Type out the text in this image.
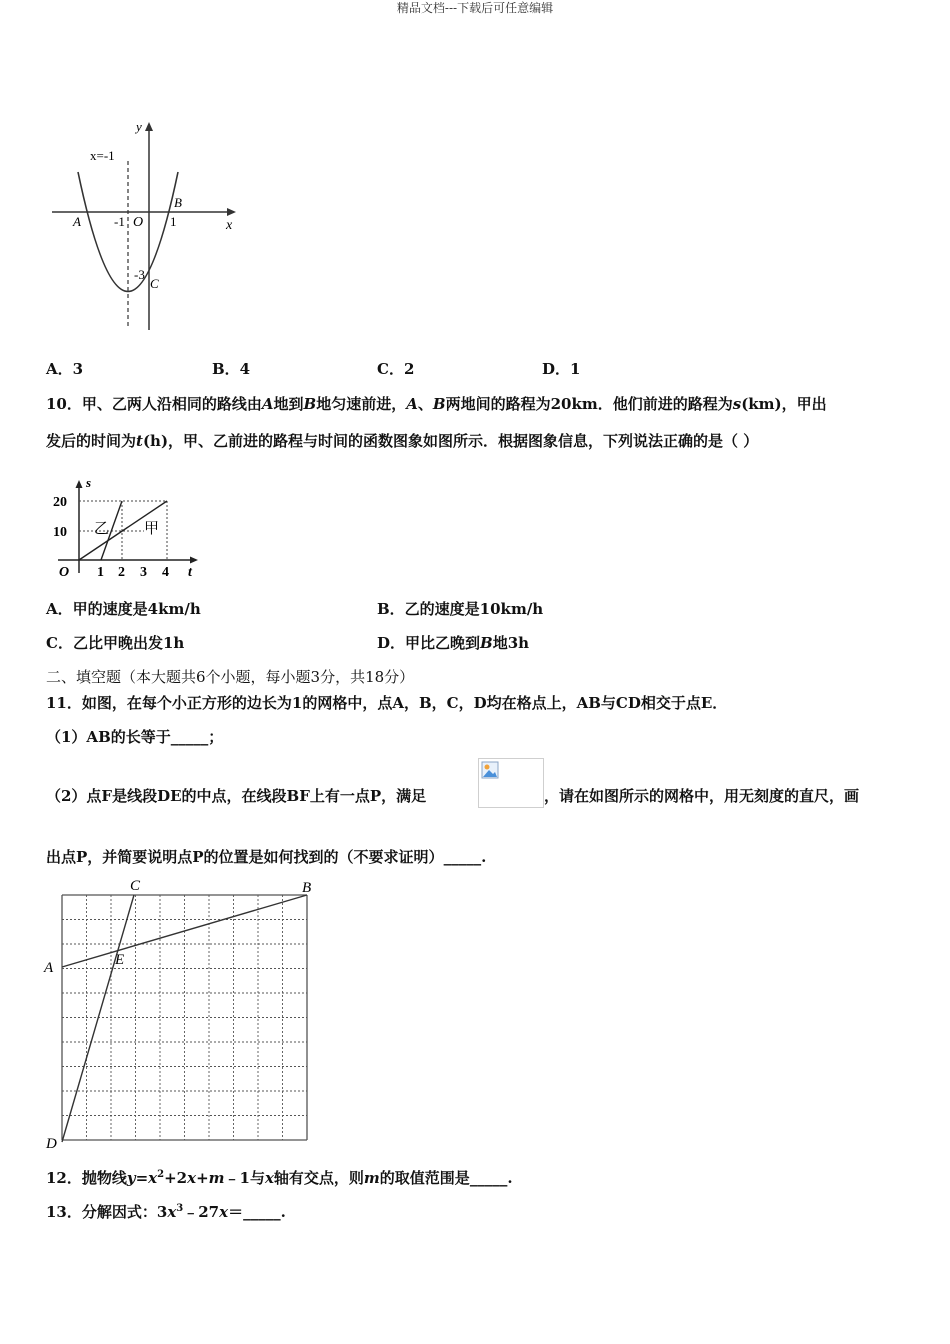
精品文档---下载后可任意编辑
y
x
x=-1
A	-1 O 1
B
-3
C
A．3	B．4	C．2	D．1
10．甲、乙两人沿相同的路线由A地到B地匀速前进，A、B两地间的路程为20km．他们前进的路程为s(km)，甲出
发后的时间为t(h)，甲、乙前进的路程与时间的函数图象如图所示．根据图象信息，下列说法正确的是（ ）
s
t
O
20
10
1 2 3 4
乙 甲
A．甲的速度是4km/h	B．乙的速度是10km/h
C．乙比甲晚出发1h	D．甲比乙晚到B地3h
二、填空题（本大题共6个小题，每小题3分，共18分）
11．如图，在每个小正方形的边长为1的网格中，点A，B，C，D均在格点上，AB与CD相交于点E．
（1）AB的长等于_____；
（2）点F是线段DE的中点，在线段BF上有一点P，满足	，请在如图所示的网格中，用无刻度的直尺，画
出点P，并简要说明点P的位置是如何找到的（不要求证明）_____.
A
B
C
D
E
12．抛物线$y=x^2+2x+m﹣1$与x轴有交点，则m的取值范围是_____.
13．分解因式：$3x^3﹣27x=\_\_\_\_\_$.
